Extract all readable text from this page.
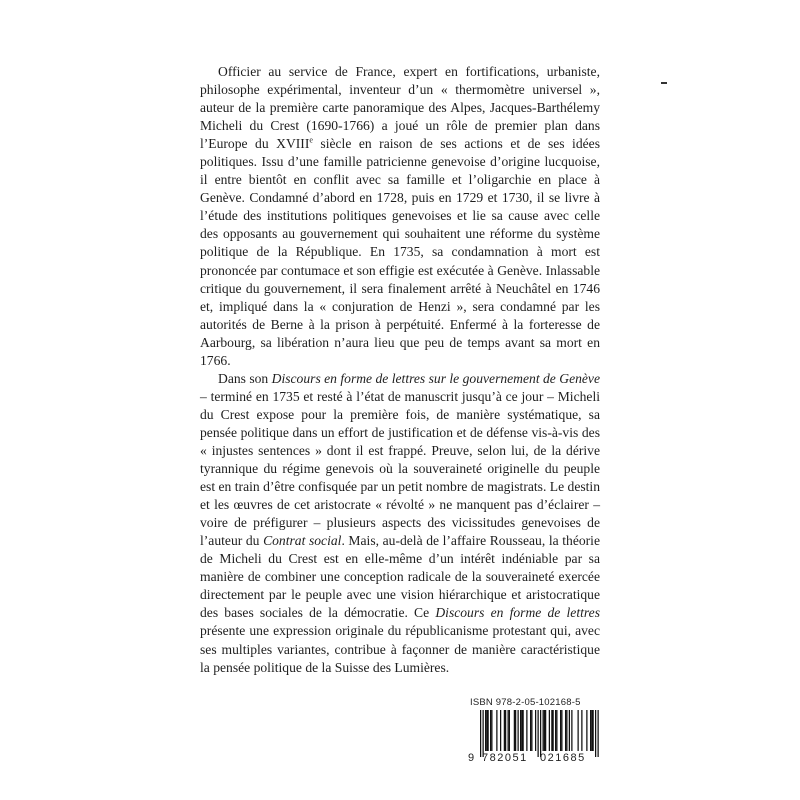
Officier au service de France, expert en fortifications, urbaniste, philosophe expérimental, inventeur d’un « thermomètre universel », auteur de la première carte panoramique des Alpes, Jacques-Barthélemy Micheli du Crest (1690-1766) a joué un rôle de premier plan dans l’Europe du XVIIIe siècle en raison de ses actions et de ses idées politiques. Issu d’une famille patricienne genevoise d’origine lucquoise, il entre bientôt en conflit avec sa famille et l’oligarchie en place à Genève. Condamné d’abord en 1728, puis en 1729 et 1730, il se livre à l’étude des institutions politiques genevoises et lie sa cause avec celle des opposants au gouvernement qui souhaitent une réforme du système politique de la République. En 1735, sa condamnation à mort est prononcée par contumace et son effigie est exécutée à Genève. Inlassable critique du gouvernement, il sera finalement arrêté à Neuchâtel en 1746 et, impliqué dans la « conjuration de Henzi », sera condamné par les autorités de Berne à la prison à perpétuité. Enfermé à la forteresse de Aarbourg, sa libération n’aura lieu que peu de temps avant sa mort en 1766.

Dans son Discours en forme de lettres sur le gouvernement de Genève – terminé en 1735 et resté à l’état de manuscrit jusqu’à ce jour – Micheli du Crest expose pour la première fois, de manière systématique, sa pensée politique dans un effort de justification et de défense vis-à-vis des « injustes sentences » dont il est frappé. Preuve, selon lui, de la dérive tyrannique du régime genevois où la souveraineté originelle du peuple est en train d’être confisquée par un petit nombre de magistrats. Le destin et les œuvres de cet aristocrate « révolté » ne manquent pas d’éclairer – voire de préfigurer – plusieurs aspects des vicissitudes genevoises de l’auteur du Contrat social. Mais, au-delà de l’affaire Rousseau, la théorie de Micheli du Crest est en elle-même d’un intérêt indéniable par sa manière de combiner une conception radicale de la souveraineté exercée directement par le peuple avec une vision hiérarchique et aristocratique des bases sociales de la démocratie. Ce Discours en forme de lettres présente une expression originale du républicanisme protestant qui, avec ses multiples variantes, contribue à façonner de manière caractéristique la pensée politique de la Suisse des Lumières.

ISBN 978-2-05-102168-5
9 782051 021685
